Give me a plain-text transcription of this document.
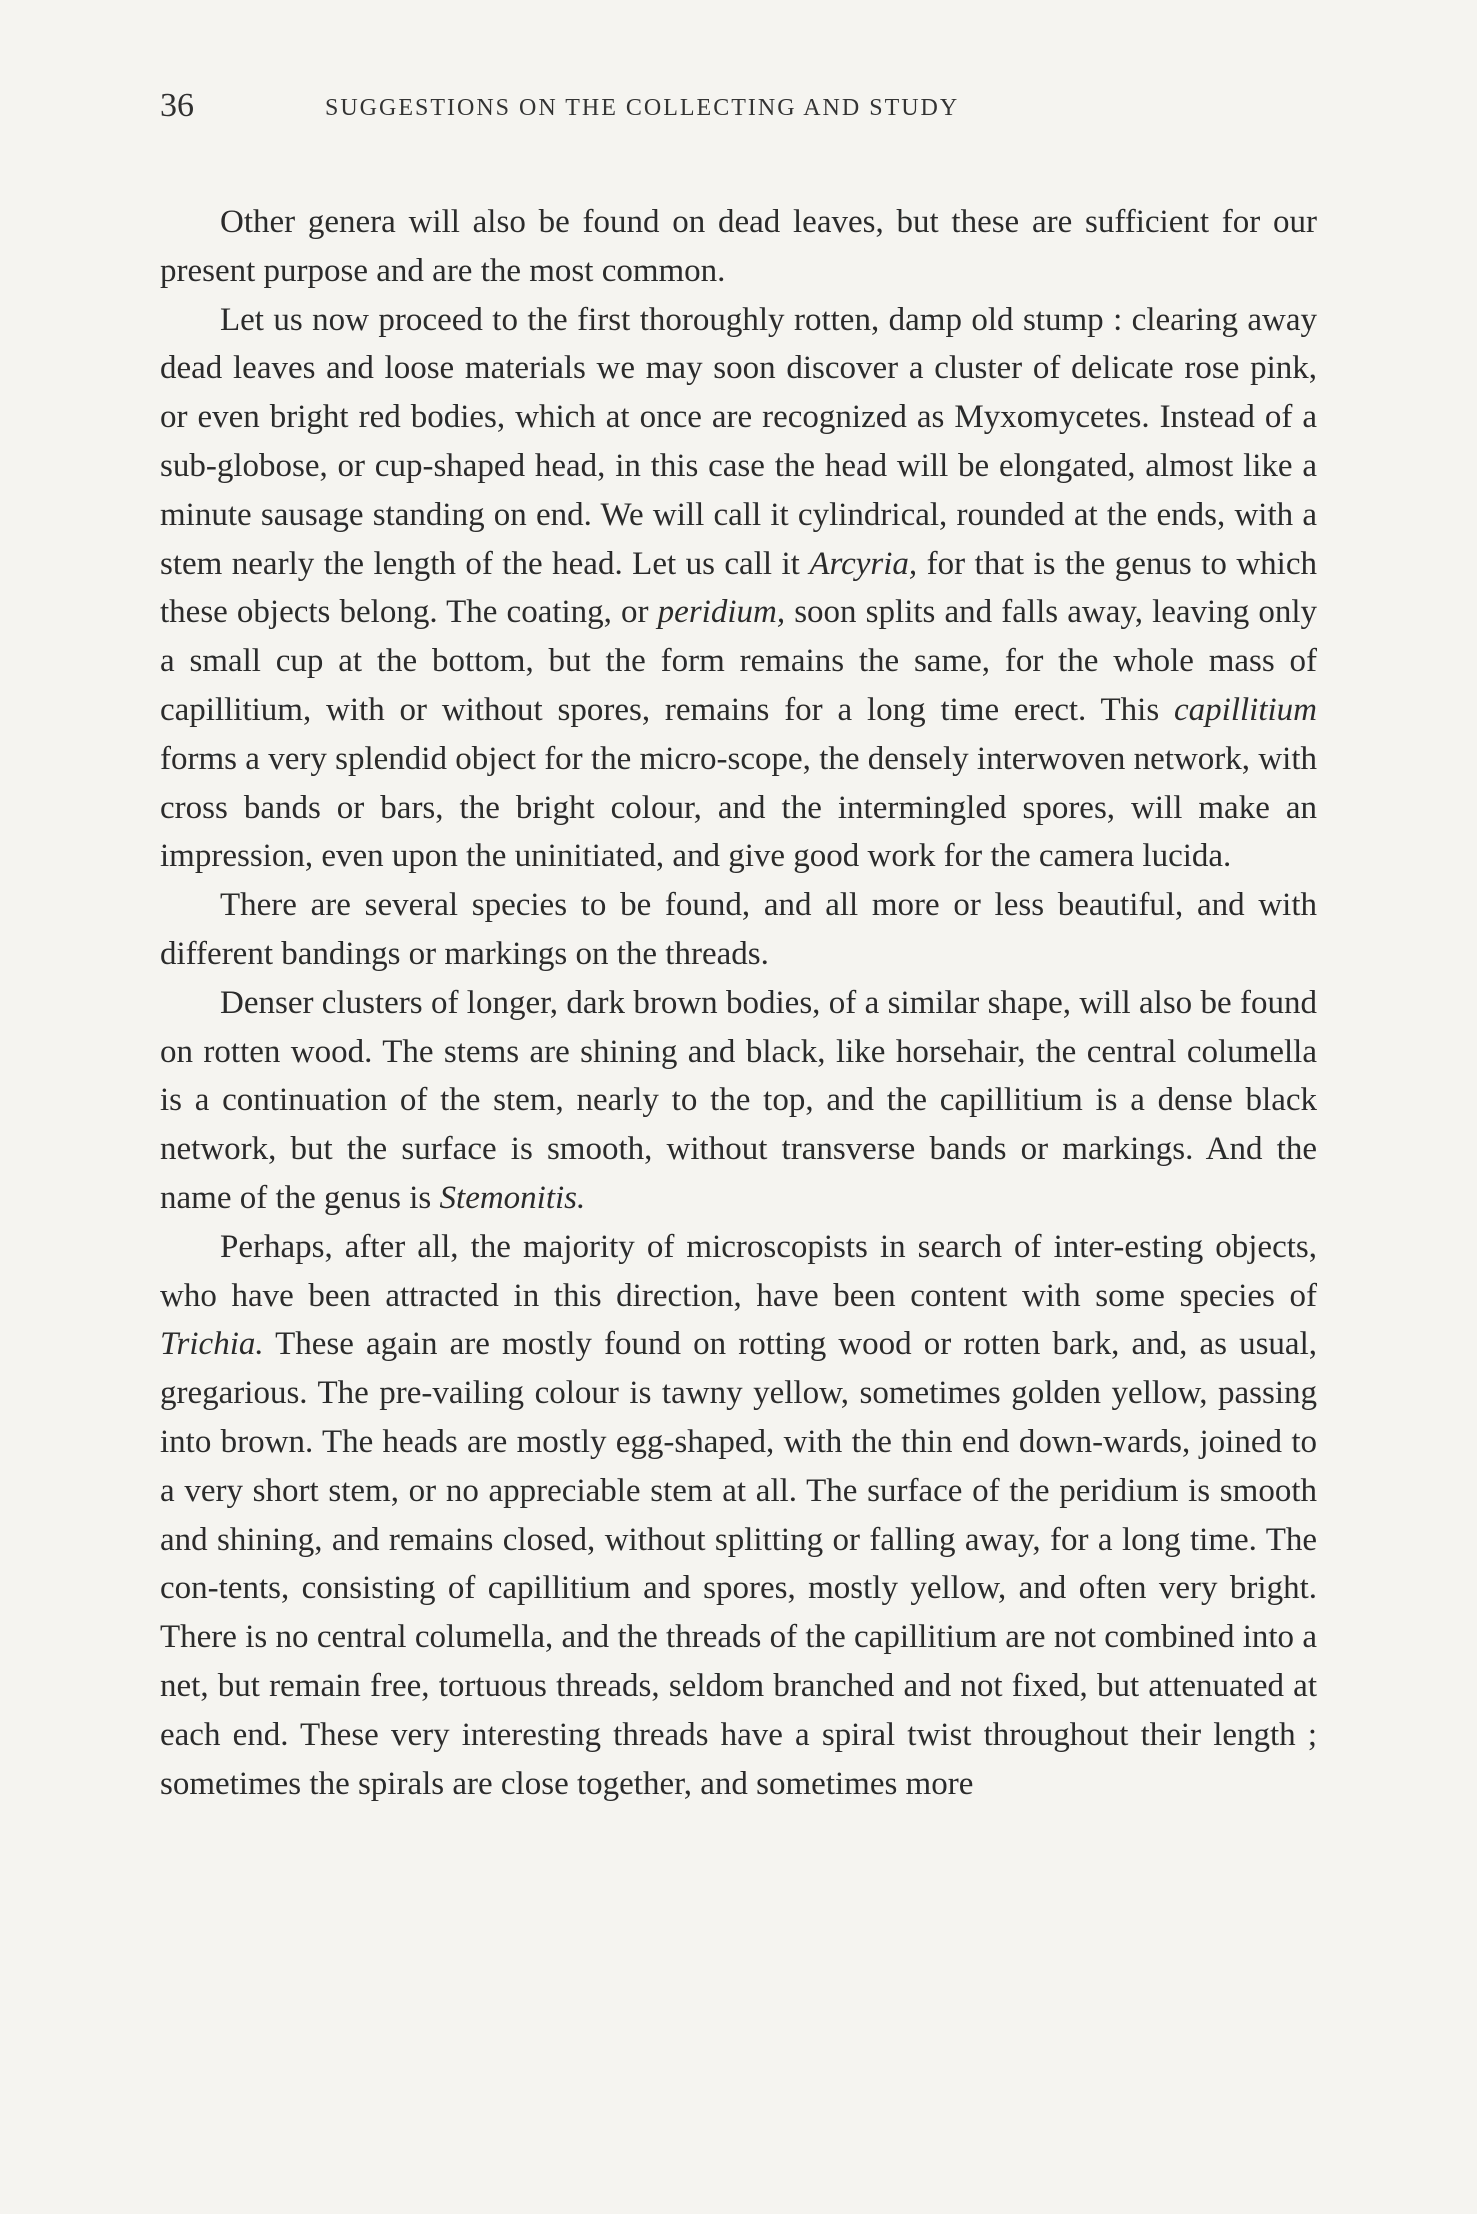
36	SUGGESTIONS ON THE COLLECTING AND STUDY

Other genera will also be found on dead leaves, but these are sufficient for our present purpose and are the most common.

Let us now proceed to the first thoroughly rotten, damp old stump : clearing away dead leaves and loose materials we may soon discover a cluster of delicate rose pink, or even bright red bodies, which at once are recognized as Myxomycetes. Instead of a sub-globose, or cup-shaped head, in this case the head will be elongated, almost like a minute sausage standing on end. We will call it cylindrical, rounded at the ends, with a stem nearly the length of the head. Let us call it Arcyria, for that is the genus to which these objects belong. The coating, or peridium, soon splits and falls away, leaving only a small cup at the bottom, but the form remains the same, for the whole mass of capillitium, with or without spores, remains for a long time erect. This capillitium forms a very splendid object for the micro-scope, the densely interwoven network, with cross bands or bars, the bright colour, and the intermingled spores, will make an impression, even upon the uninitiated, and give good work for the camera lucida.

There are several species to be found, and all more or less beautiful, and with different bandings or markings on the threads.

Denser clusters of longer, dark brown bodies, of a similar shape, will also be found on rotten wood. The stems are shining and black, like horsehair, the central columella is a continuation of the stem, nearly to the top, and the capillitium is a dense black network, but the surface is smooth, without transverse bands or markings. And the name of the genus is Stemonitis.

Perhaps, after all, the majority of microscopists in search of inter-esting objects, who have been attracted in this direction, have been content with some species of Trichia. These again are mostly found on rotting wood or rotten bark, and, as usual, gregarious. The pre-vailing colour is tawny yellow, sometimes golden yellow, passing into brown. The heads are mostly egg-shaped, with the thin end down-wards, joined to a very short stem, or no appreciable stem at all. The surface of the peridium is smooth and shining, and remains closed, without splitting or falling away, for a long time. The con-tents, consisting of capillitium and spores, mostly yellow, and often very bright. There is no central columella, and the threads of the capillitium are not combined into a net, but remain free, tortuous threads, seldom branched and not fixed, but attenuated at each end. These very interesting threads have a spiral twist throughout their length ; sometimes the spirals are close together, and sometimes more
